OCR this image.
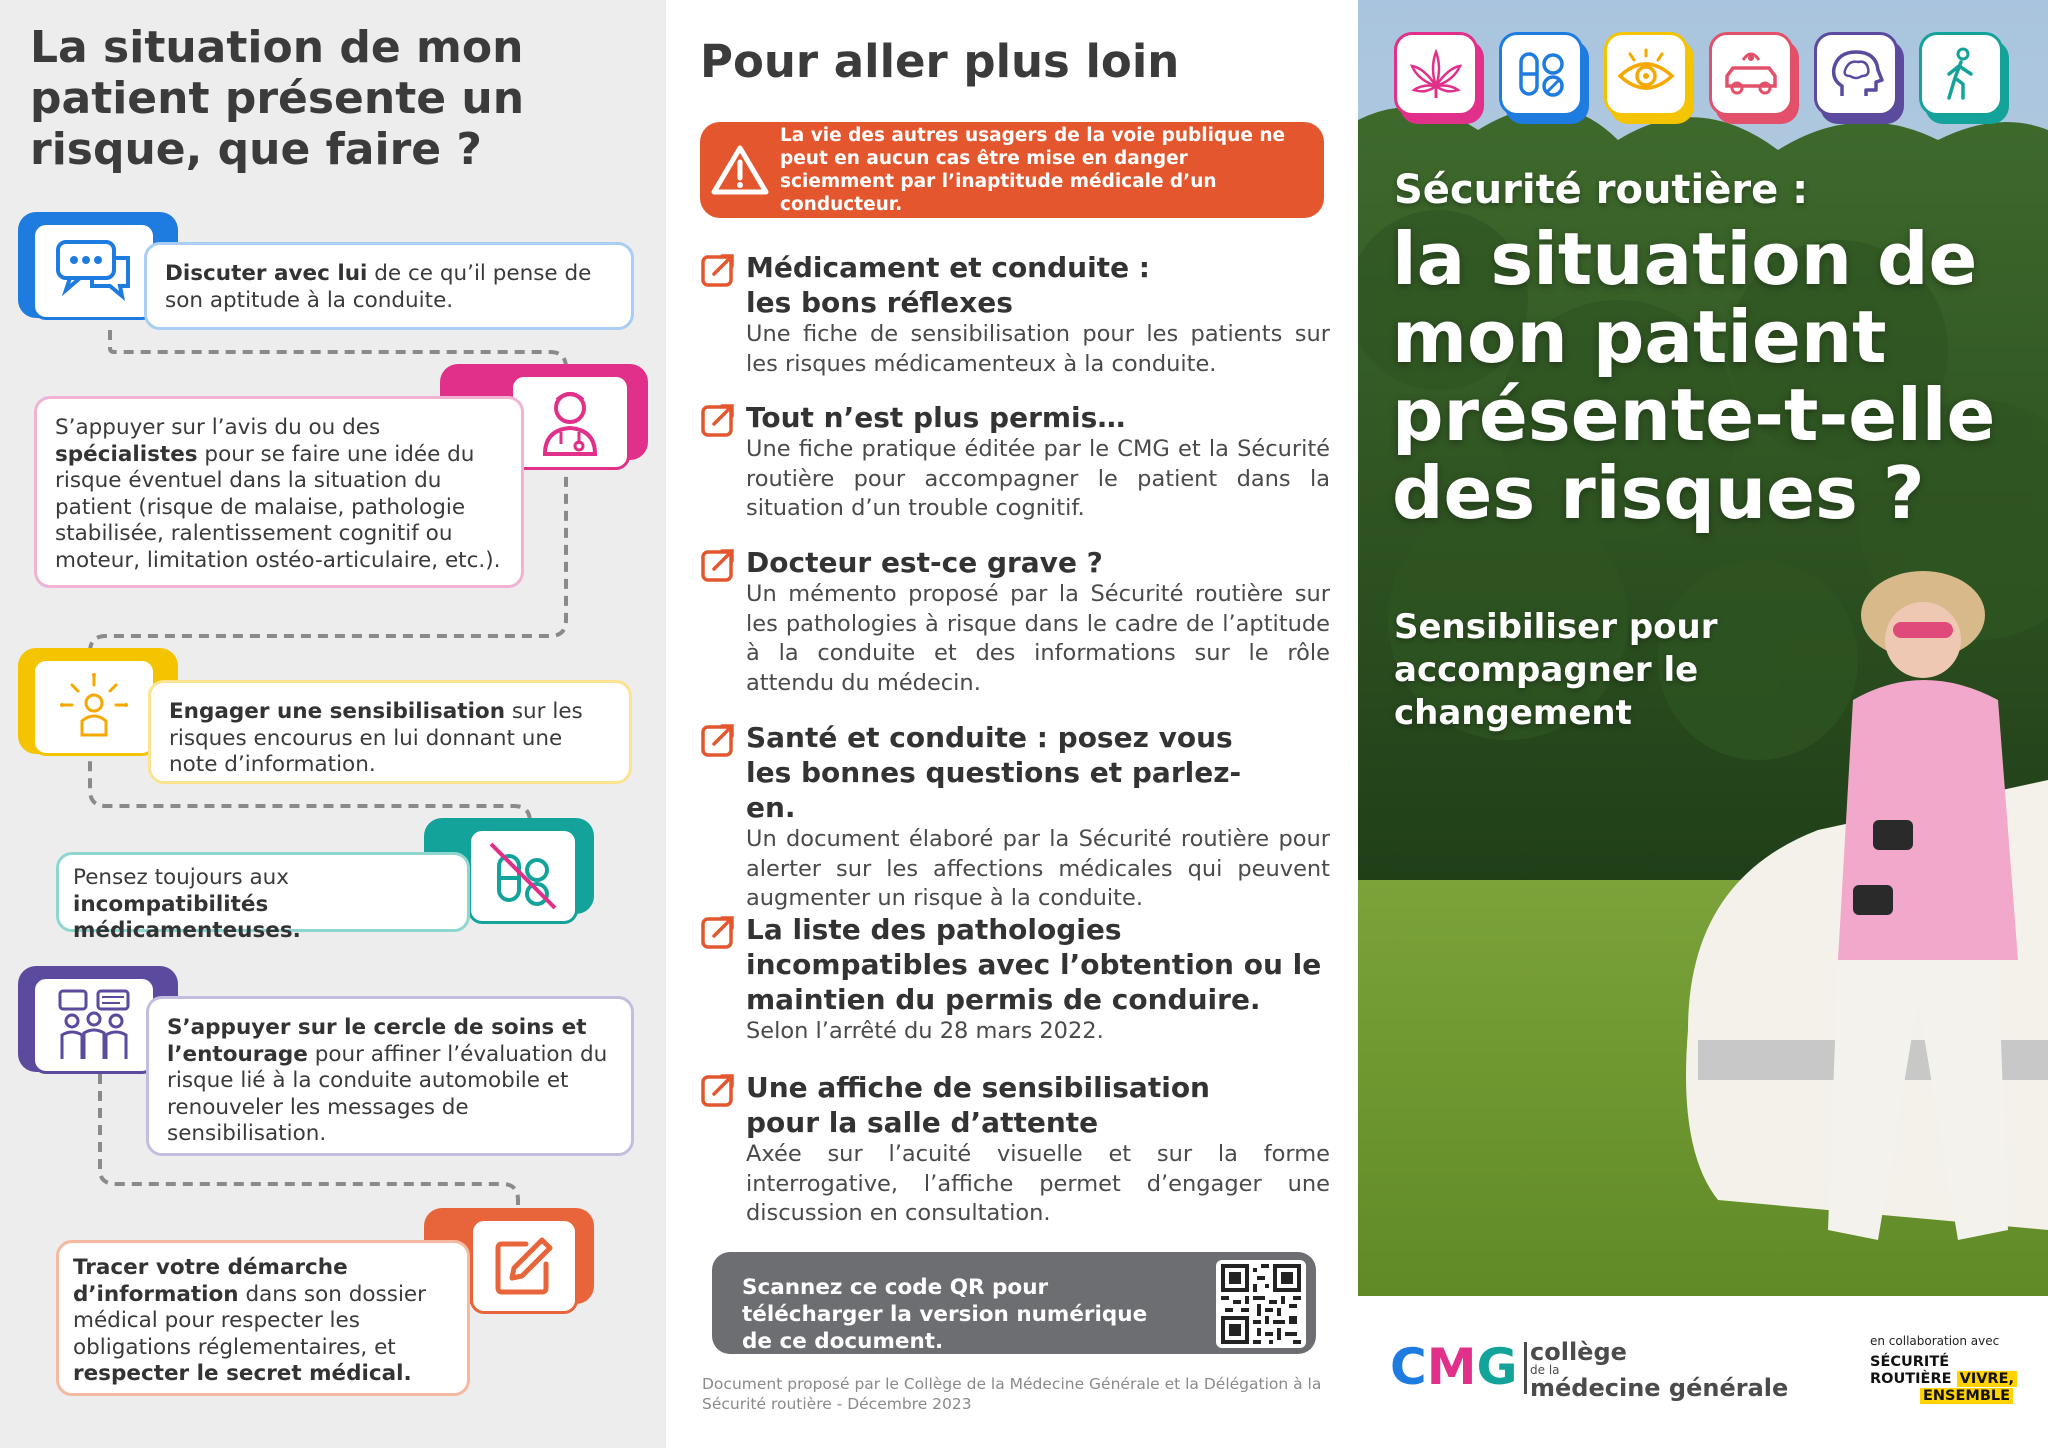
La situation de mon patient présente un risque, que faire ?
Discuter avec lui de ce qu’il pense de son aptitude à la conduite.
S’appuyer sur l’avis du ou des spécialistes pour se faire une idée du risque éventuel dans la situation du patient (risque de malaise, pathologie stabilisée, ralentissement cognitif ou moteur, limitation ostéo-articulaire, etc.).
Engager une sensibilisation sur les risques encourus en lui donnant une note d’information.
Pensez toujours aux
incompatibilités médicamenteuses.
S’appuyer sur le cercle de soins et l’entourage pour affiner l’évaluation du risque lié à la conduite automobile et renouveler les messages de sensibilisation.
Tracer votre démarche d’information dans son dossier médical pour respecter les obligations réglementaires, et respecter le secret médical.
Pour aller plus loin
La vie des autres usagers de la voie publique ne peut en aucun cas être mise en danger sciemment par l’inaptitude médicale d’un conducteur.
Médicament et conduite : les bons réflexes
Une fiche de sensibilisation pour les patients sur les risques médicamenteux à la conduite.
Tout n’est plus permis…
Une fiche pratique éditée par le CMG et la Sécurité routière pour accompagner le patient dans la situation d’un trouble cognitif.
Docteur est-ce grave ?
Un mémento proposé par la Sécurité routière sur les pathologies à risque dans le cadre de l’aptitude à la conduite et des informations sur le rôle attendu du médecin.
Santé et conduite : posez vous les bonnes questions et parlez-en.
Un document élaboré par la Sécurité routière pour alerter sur les affections médicales qui peuvent augmenter un risque à la conduite.
La liste des pathologies incompatibles avec l’obtention ou le maintien du permis de conduire.
Selon l’arrêté du 28 mars 2022.
Une affiche de sensibilisation pour la salle d’attente
Axée sur l’acuité visuelle et sur la forme interrogative, l’affiche permet d’engager une discussion en consultation.
Scannez ce code QR pour télécharger la version numérique de ce document.
Document proposé par le Collège de la Médecine Générale et la Délégation à la Sécurité routière - Décembre 2023
Sécurité routière :
la situation de mon patient présente-t-elle des risques ?
Sensibiliser pour accompagner le changement
CMG collège
de la
médecine générale
en collaboration avec
SÉCURITÉ
ROUTIÈRE VIVRE,
ENSEMBLE
